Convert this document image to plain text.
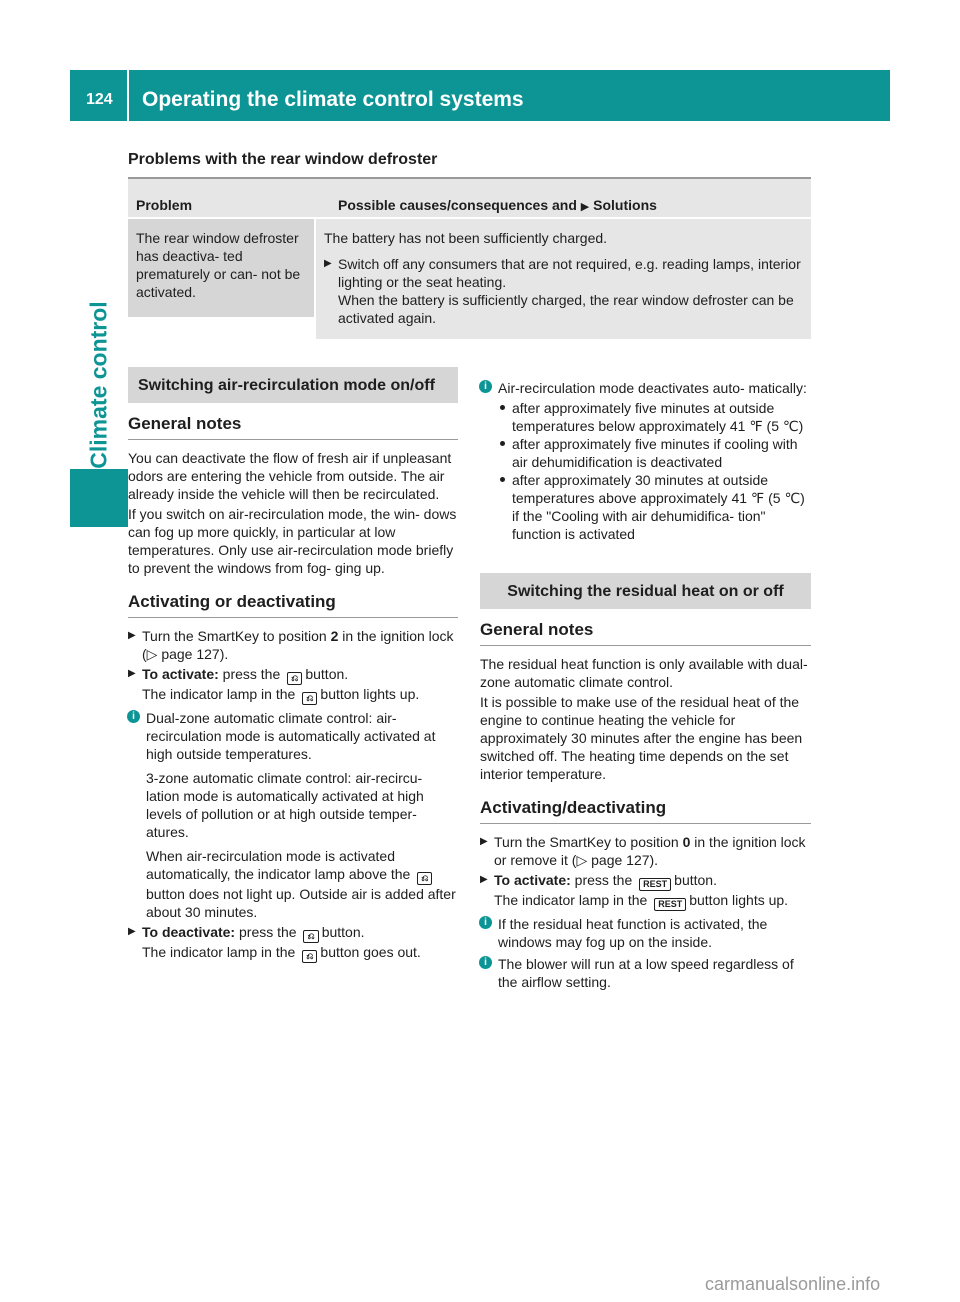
124 Operating the climate control systems
Climate control
Problems with the rear window defroster
Problem	Possible causes/consequences and ▶ Solutions
The rear window defroster has deactiva- ted prematurely or can- not be activated.

The battery has not been sufficiently charged.

▶ Switch off any consumers that are not required, e.g. reading lamps, interior lighting or the seat heating.
When the battery is sufficiently charged, the rear window defroster can be activated again.
Switching air-recirculation mode on/off
General notes

You can deactivate the flow of fresh air if unpleasant odors are entering the vehicle from outside. The air already inside the vehicle will then be recirculated.

If you switch on air-recirculation mode, the win- dows can fog up more quickly, in particular at low temperatures. Only use air-recirculation mode briefly to prevent the windows from fog- ging up.

Activating or deactivating
▶ Turn the SmartKey to position 2 in the ignition lock (▷ page 127).
▶ To activate: press the ⎌ button.
The indicator lamp in the ⎌ button lights up.
i Dual-zone automatic climate control: air- recirculation mode is automatically activated at high outside temperatures.

3-zone automatic climate control: air-recircu- lation mode is automatically activated at high levels of pollution or at high outside temper- atures.

When air-recirculation mode is activated automatically, the indicator lamp above the ⎌button does not light up. Outside air is added after about 30 minutes.

▶ To deactivate: press the ⎌ button.
The indicator lamp in the ⎌ button goes out.
i Air-recirculation mode deactivates auto- matically:

after approximately five minutes at outside temperatures below approximately 41 ℉ (5 ℃)
after approximately five minutes if cooling with air dehumidification is deactivated
after approximately 30 minutes at outside temperatures above approximately 41 ℉ (5 ℃) if the "Cooling with air dehumidifica- tion" function is activated
Switching the residual heat on or off
General notes

The residual heat function is only available with dual-zone automatic climate control.

It is possible to make use of the residual heat of the engine to continue heating the vehicle for approximately 30 minutes after the engine has been switched off. The heating time depends on the set interior temperature.

Activating/deactivating
▶ Turn the SmartKey to position 0 in the ignition lock or remove it (▷ page 127).
▶ To activate: press the REST button.
The indicator lamp in the REST button lights up.
i If the residual heat function is activated, the windows may fog up on the inside.

i The blower will run at a low speed regardless of the airflow setting.

carmanualsonline.info
